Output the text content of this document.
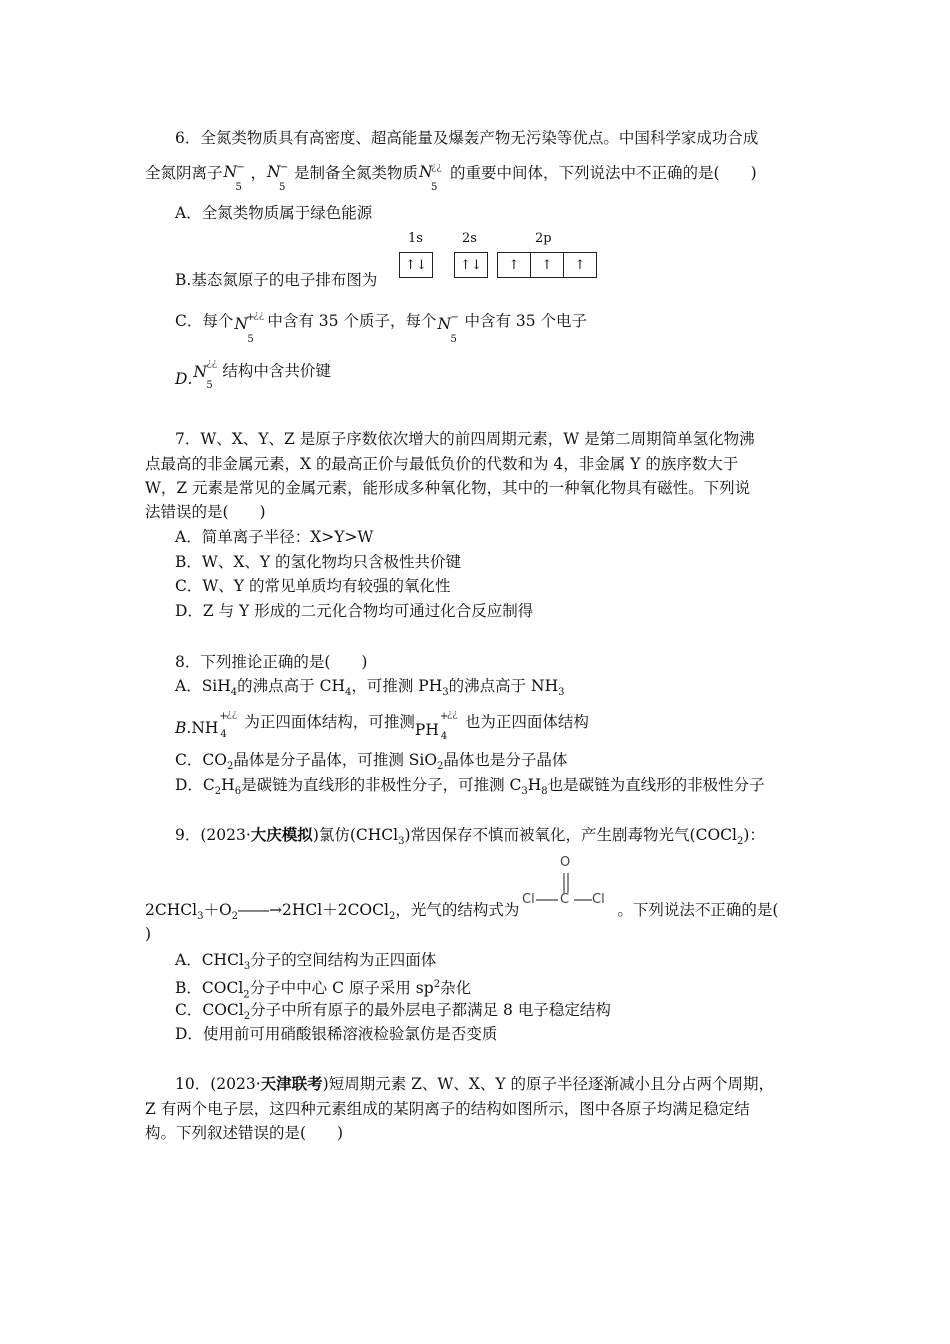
6．全氮类物质具有高密度、超高能量及爆轰产物无污染等优点。中国科学家成功合成
全氮阴离子 N
5
− ， N
5
− 是制备全氮类物质 N
5
¿¿ 的重要中间体，下列说法中不正确的是(　　)
A．全氮类物质属于绿色能源
1s	2s	2p
↑↓	↑↓	↑	↑	↑
B.基态氮原子的电子排布图为
C．每个 N
5
+
¿¿ 中含有 35 个质子，每个 N
5
− 中含有 35 个电子
D. N
5
¿¿ 结构中含共价键
7．W、X、Y、Z 是原子序数依次增大的前四周期元素，W 是第二周期简单氢化物沸
点最高的非金属元素，X 的最高正价与最低负价的代数和为 4，非金属 Y 的族序数大于
W，Z 元素是常见的金属元素，能形成多种氧化物，其中的一种氧化物具有磁性。下列说
法错误的是(　　)
A．简单离子半径：X>Y>W
B．W、X、Y 的氢化物均只含极性共价键
C．W、Y 的常见单质均有较强的氧化性
D．Z 与 Y 形成的二元化合物均可通过化合反应制得
8．下列推论正确的是(　　)
A．SiH$_4$的沸点高于 $CH_4$，可推测 $PH_3$的沸点高于 $NH_3$
B.NH
+
¿¿
4
为正四面体结构，可推测PH
+
¿¿
4
也为正四面体结构
C．$CO_2$晶体是分子晶体，可推测 SiO$_2$晶体也是分子晶体
D．$C_2H_6$是碳链为直线形的非极性分子，可推测 $C_3H_8$也是碳链为直线形的非极性分子
9．(2023·大庆模拟)氯仿(CHCl$_3$)常因保存不慎而被氧化，产生剧毒物光气(COCl$_2$)：
O
Cl C Cl
$2CHCl_3+O_2――\to 2HCl+2COCl_2$，光气的结构式为	。下列说法不正确的是(
)
A．CHCl$_3$分子的空间结构为正四面体
B．COCl$_2$分子中中心 C 原子采用 $sp^2$杂化
C．COCl$_2$分子中所有原子的最外层电子都满足 8 电子稳定结构
D．使用前可用硝酸银稀溶液检验氯仿是否变质
10．(2023·天津联考)短周期元素 Z、W、X、Y 的原子半径逐渐减小且分占两个周期，
Z 有两个电子层，这四种元素组成的某阴离子的结构如图所示，图中各原子均满足稳定结
构。下列叙述错误的是(　　)
